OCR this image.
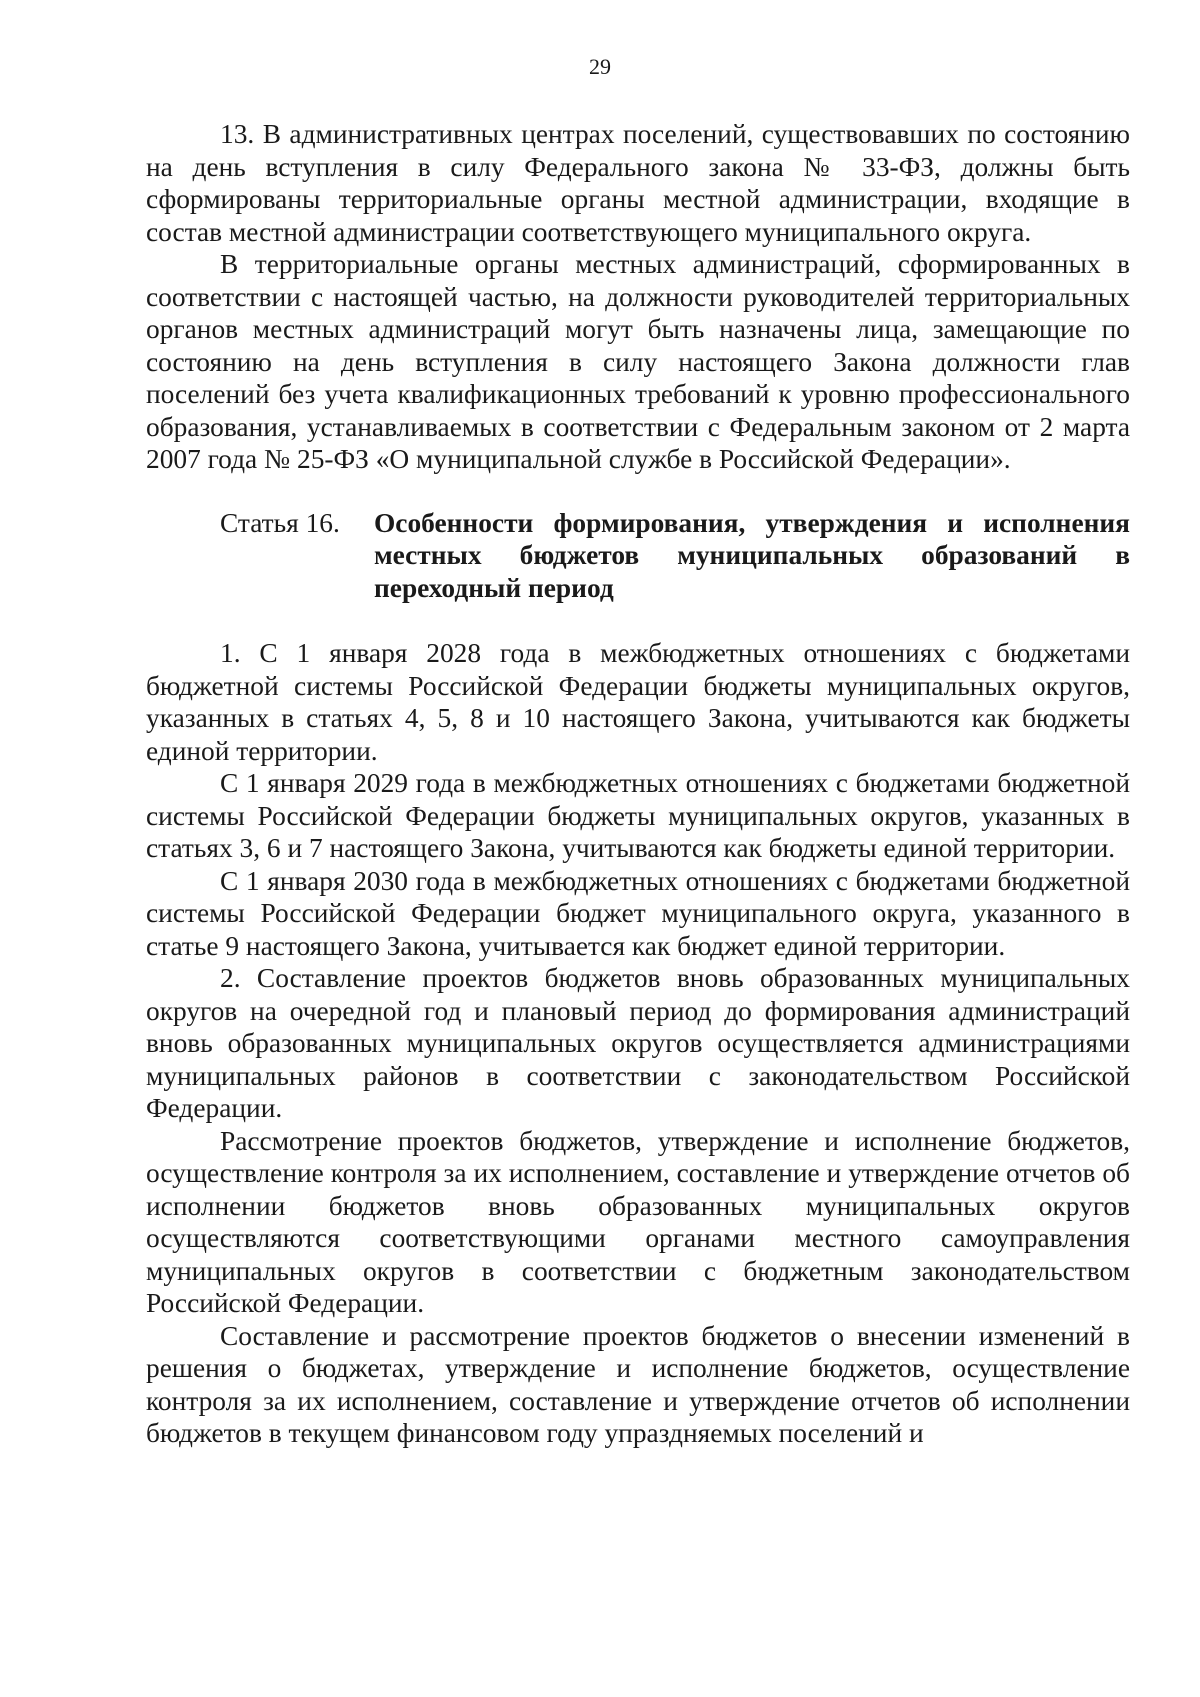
29

13. В административных центрах поселений, существовавших по состоянию на день вступления в силу Федерального закона № 33-ФЗ, должны быть сформированы территориальные органы местной администрации, входящие в состав местной администрации соответствующего муниципального округа.

В территориальные органы местных администраций, сформированных в соответствии с настоящей частью, на должности руководителей территориальных органов местных администраций могут быть назначены лица, замещающие по состоянию на день вступления в силу настоящего Закона должности глав поселений без учета квалификационных требований к уровню профессионального образования, устанавливаемых в соответствии с Федеральным законом от 2 марта 2007 года № 25-ФЗ «О муниципальной службе в Российской Федерации».

Статья 16.	Особенности формирования, утверждения и исполнения местных бюджетов муниципальных образований в переходный период

1. С 1 января 2028 года в межбюджетных отношениях с бюджетами бюджетной системы Российской Федерации бюджеты муниципальных округов, указанных в статьях 4, 5, 8 и 10 настоящего Закона, учитываются как бюджеты единой территории.

С 1 января 2029 года в межбюджетных отношениях с бюджетами бюджетной системы Российской Федерации бюджеты муниципальных округов, указанных в статьях 3, 6 и 7 настоящего Закона, учитываются как бюджеты единой территории.

С 1 января 2030 года в межбюджетных отношениях с бюджетами бюджетной системы Российской Федерации бюджет муниципального округа, указанного в статье 9 настоящего Закона, учитывается как бюджет единой территории.

2. Составление проектов бюджетов вновь образованных муниципальных округов на очередной год и плановый период до формирования администраций вновь образованных муниципальных округов осуществляется администрациями муниципальных районов в соответствии с законодательством Российской Федерации.

Рассмотрение проектов бюджетов, утверждение и исполнение бюджетов, осуществление контроля за их исполнением, составление и утверждение отчетов об исполнении бюджетов вновь образованных муниципальных округов осуществляются соответствующими органами местного самоуправления муниципальных округов в соответствии с бюджетным законодательством Российской Федерации.

Составление и рассмотрение проектов бюджетов о внесении изменений в решения о бюджетах, утверждение и исполнение бюджетов, осуществление контроля за их исполнением, составление и утверждение отчетов об исполнении бюджетов в текущем финансовом году упраздняемых поселений и
